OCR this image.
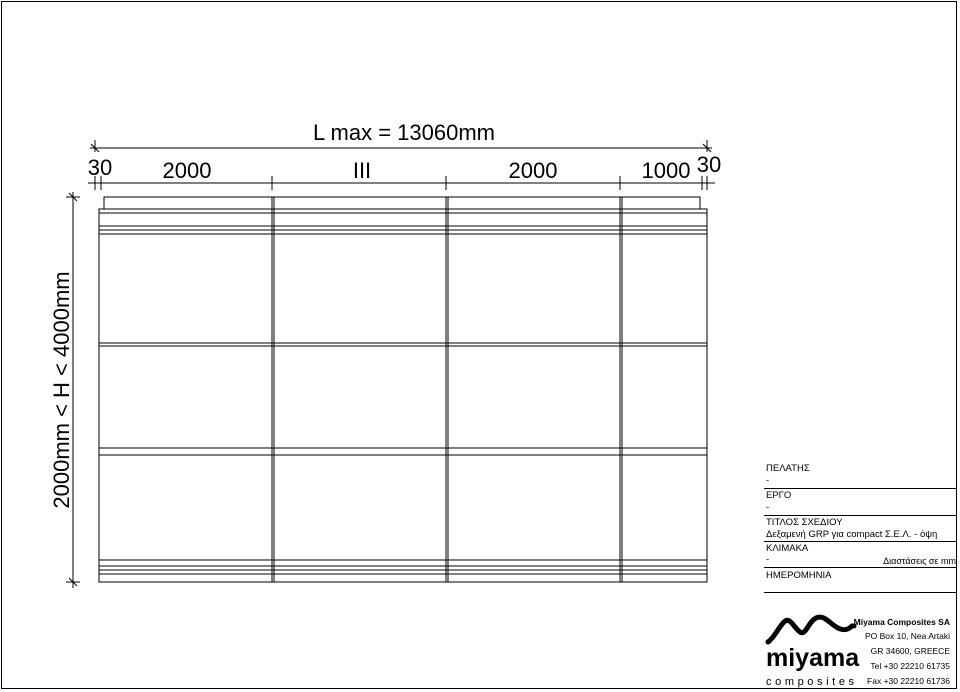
L max = 13060mm
30 2000	III	2000	1000 30
2000mm < H < 4000mm	ΠΕΛΑΤΗΣ
-
ΕΡΓΟ
-
ΤΙΤΛΟΣ ΣΧΕΔΙΟΥ
Δεξαμενή GRP για compact Σ.Ε.Λ. - όψη
ΚΛΙΜΑΚΑ
-	Διαστάσεις σε mm
ΗΜΕΡΟΜΗΝΙΑ
miyama
composites
Miyama Composites SA
PO Box 10, Nea Artaki
GR 34600, GREECE
Tel +30 22210 61735
Fax +30 22210 61736
